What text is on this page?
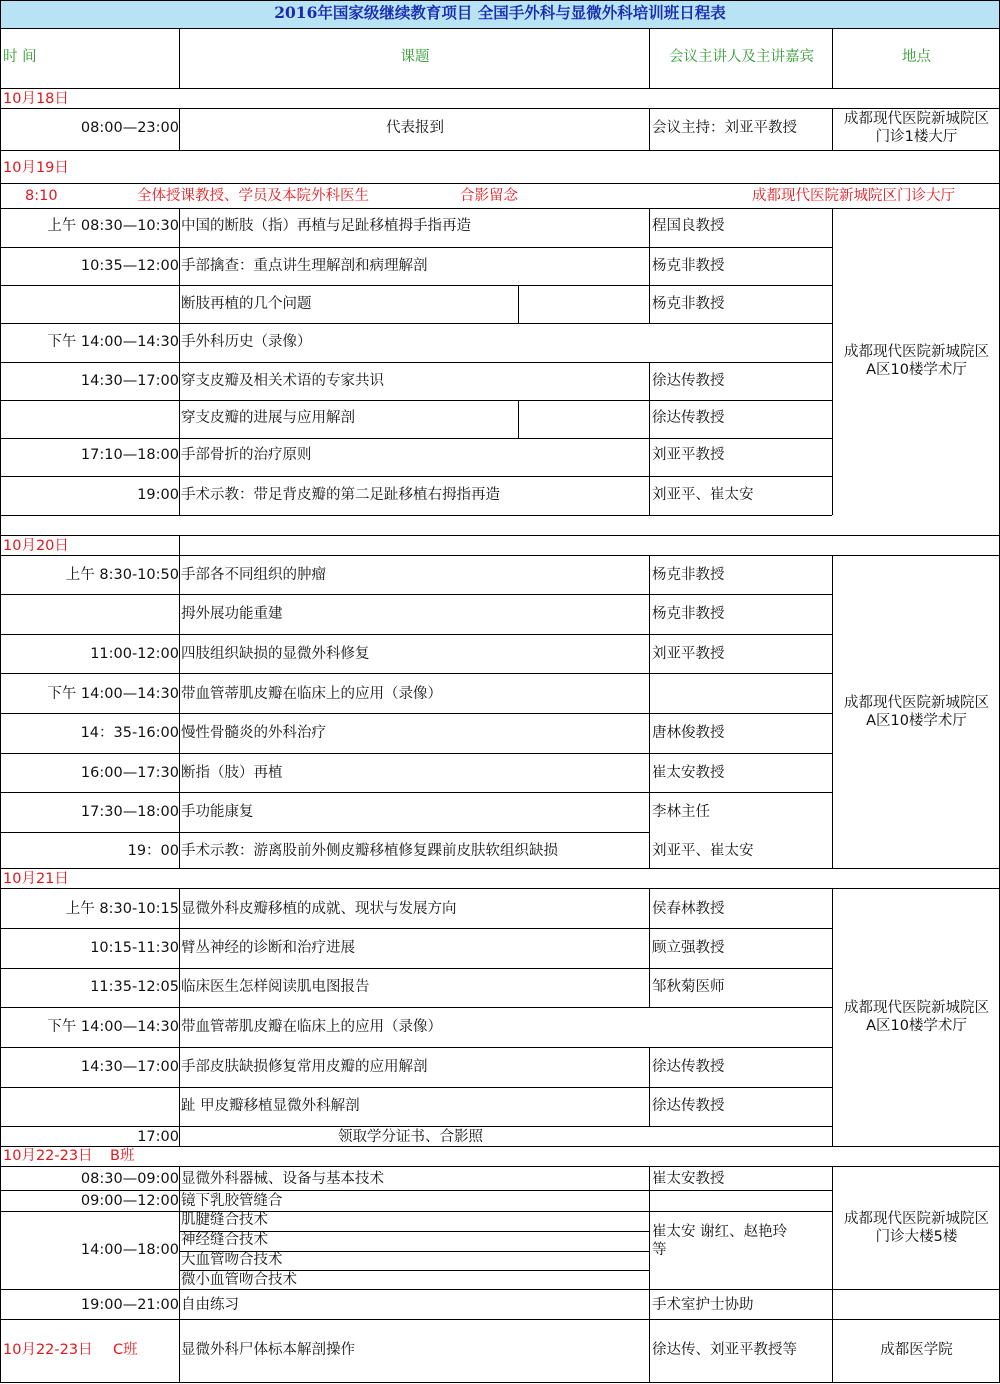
2016年国家级继续教育项目 全国手外科与显微外科培训班日程表
时 间	课题	会议主讲人及主讲嘉宾	地点
10月18日
08:00—23:00	代表报到	会议主持：刘亚平教授
成都现代医院新城院区
门诊1楼大厅
10月19日
8:10	全体授课教授、学员及本院外科医生	合影留念	成都现代医院新城院区门诊大厅
上午 08:30—10:30 中国的断肢（指）再植与足趾移植拇手指再造	程国良教授
10:35—12:00 手部擒查：重点讲生理解剖和病理解剖	杨克非教授
断肢再植的几个问题	杨克非教授
下午 14:00—14:30 手外科历史（录像）
14:30—17:00 穿支皮瓣及相关术语的专家共识	徐达传教授
穿支皮瓣的进展与应用解剖	徐达传教授
17:10—18:00 手部骨折的治疗原则	刘亚平教授
19:00 手术示教：带足背皮瓣的第二足趾移植右拇指再造	刘亚平、崔太安
成都现代医院新城院区
A区10楼学术厅
10月20日
上午 8:30-10:50 手部各不同组织的肿瘤	杨克非教授
拇外展功能重建	杨克非教授
11:00-12:00 四肢组织缺损的显微外科修复	刘亚平教授
下午 14:00—14:30 带血管蒂肌皮瓣在临床上的应用（录像）
14：35-16:00 慢性骨髓炎的外科治疗	唐林俊教授
16:00—17:30 断指（肢）再植	崔太安教授
17:30—18:00 手功能康复	李林主任
19：00 手术示教：游离股前外侧皮瓣移植修复踝前皮肤软组织缺损	刘亚平、崔太安
成都现代医院新城院区
A区10楼学术厅
10月21日
上午 8:30-10:15 显微外科皮瓣移植的成就、现状与发展方向	侯春林教授
10:15-11:30 臂丛神经的诊断和治疗进展	顾立强教授
11:35-12:05 临床医生怎样阅读肌电图报告	邹秋菊医师
下午 14:00—14:30 带血管蒂肌皮瓣在临床上的应用（录像）
14:30—17:00 手部皮肤缺损修复常用皮瓣的应用解剖	徐达传教授
趾 甲皮瓣移植显微外科解剖	徐达传教授
17:00	领取学分证书、合影照
成都现代医院新城院区
A区10楼学术厅
10月22-23日 B班
08:30—09:00 显微外科器械、设备与基本技术	崔太安教授
09:00—12:00 镜下乳胶管缝合
14:00—18:00
肌腱缝合技术
神经缝合技术
大血管吻合技术
微小血管吻合技术
崔太安 谢红、赵艳玲
等
成都现代医院新城院区
门诊大楼5楼
19:00—21:00 自由练习	手术室护士协助
10月22-23日 C班	显微外科尸体标本解剖操作	徐达传、刘亚平教授等	成都医学院
